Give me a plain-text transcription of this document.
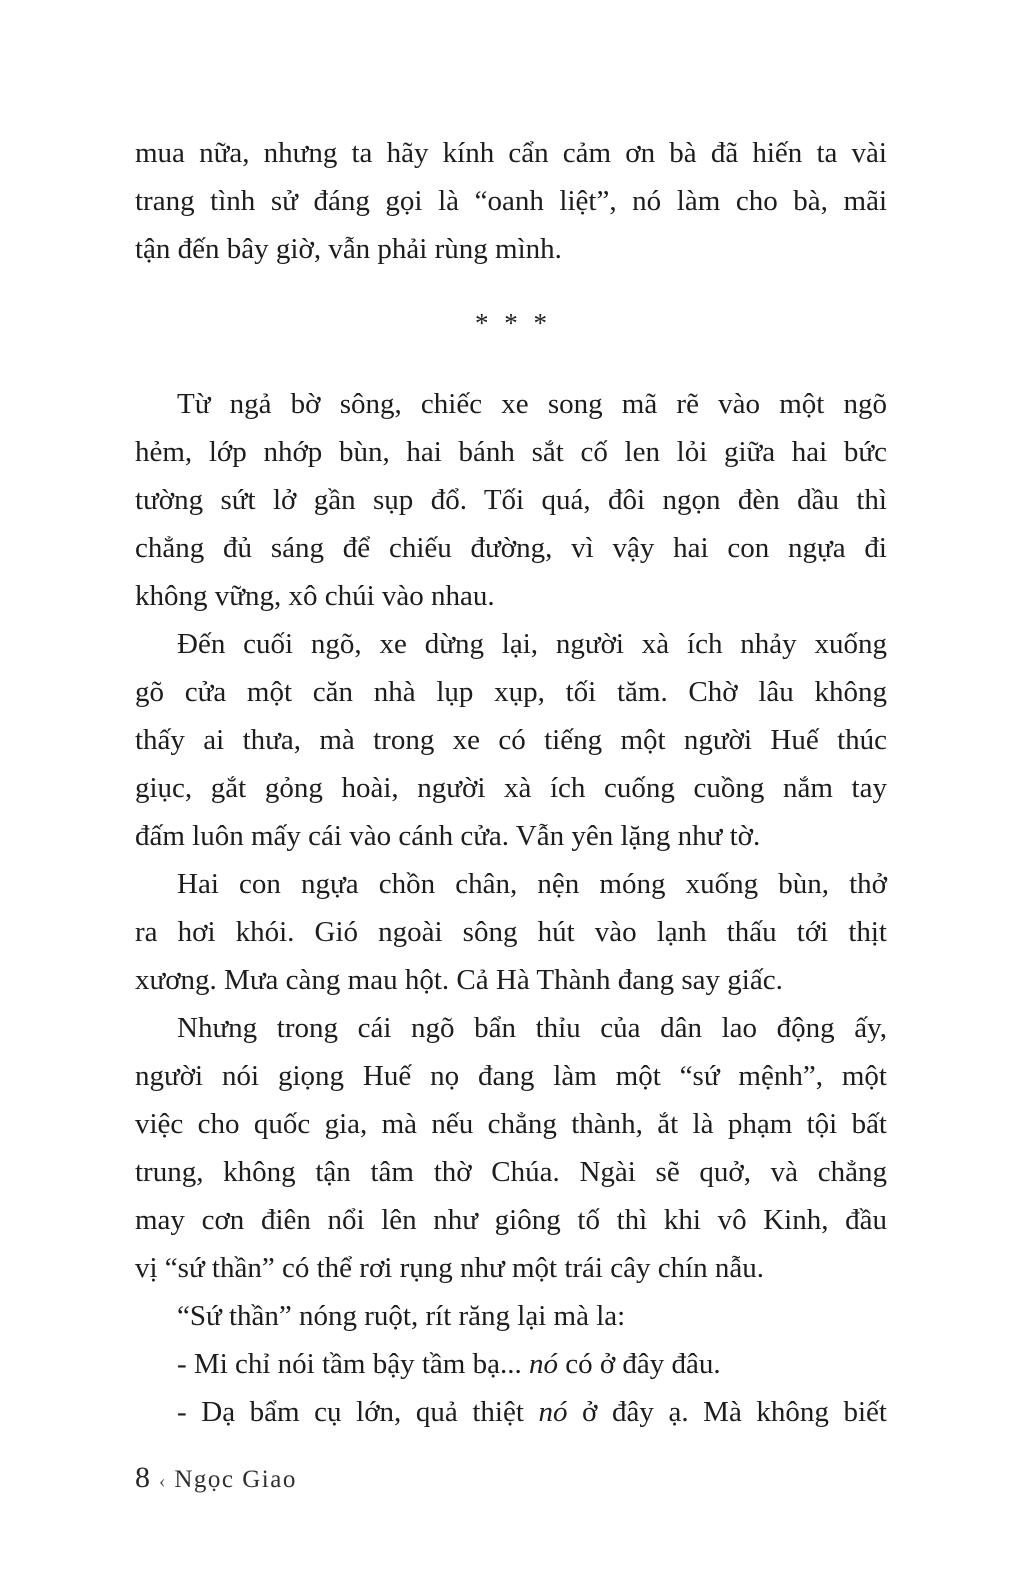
mua nữa, nhưng ta hãy kính cẩn cảm ơn bà đã hiến ta vài
trang tình sử đáng gọi là “oanh liệt”, nó làm cho bà, mãi
tận đến bây giờ, vẫn phải rùng mình.
* * *
Từ ngả bờ sông, chiếc xe song mã rẽ vào một ngõ
hẻm, lớp nhớp bùn, hai bánh sắt cố len lỏi giữa hai bức
tường sứt lở gần sụp đổ. Tối quá, đôi ngọn đèn dầu thì
chẳng đủ sáng để chiếu đường, vì vậy hai con ngựa đi
không vững, xô chúi vào nhau.
Đến cuối ngõ, xe dừng lại, người xà ích nhảy xuống
gõ cửa một căn nhà lụp xụp, tối tăm. Chờ lâu không
thấy ai thưa, mà trong xe có tiếng một người Huế thúc
giục, gắt gỏng hoài, người xà ích cuống cuồng nắm tay
đấm luôn mấy cái vào cánh cửa. Vẫn yên lặng như tờ.
Hai con ngựa chồn chân, nện móng xuống bùn, thở
ra hơi khói. Gió ngoài sông hút vào lạnh thấu tới thịt
xương. Mưa càng mau hột. Cả Hà Thành đang say giấc.
Nhưng trong cái ngõ bẩn thỉu của dân lao động ấy,
người nói giọng Huế nọ đang làm một “sứ mệnh”, một
việc cho quốc gia, mà nếu chẳng thành, ắt là phạm tội bất
trung, không tận tâm thờ Chúa. Ngài sẽ quở, và chẳng
may cơn điên nổi lên như giông tố thì khi vô Kinh, đầu
vị “sứ thần” có thể rơi rụng như một trái cây chín nẫu.
“Sứ thần” nóng ruột, rít răng lại mà la:
- Mi chỉ nói tầm bậy tầm bạ... nó có ở đây đâu.
- Dạ bẩm cụ lớn, quả thiệt nó ở đây ạ. Mà không biết
8 ‹ Ngọc Giao
